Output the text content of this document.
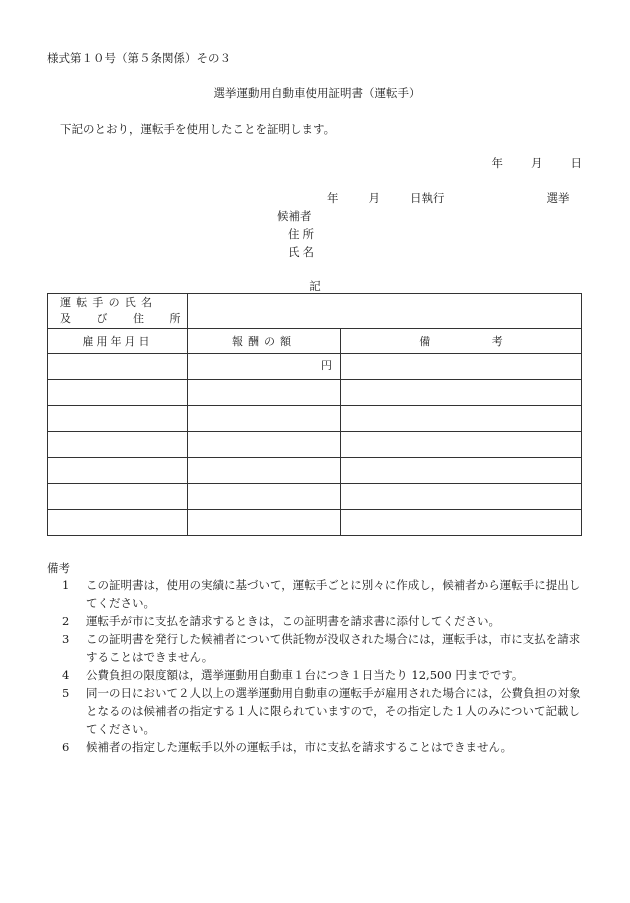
様式第１０号（第５条関係）その３
選挙運動用自動車使用証明書（運転手）
下記のとおり，運転手を使用したことを証明します。
年 月 日
年	月	日執行	選挙
候補者
住所
氏名
記
運転手の氏名
及 び 住 所		

雇用年月日	報酬の額	備 考
	円	

備考
1	この証明書は，使用の実績に基づいて，運転手ごとに別々に作成し，候補者から運転手に提出してください。
2	運転手が市に支払を請求するときは，この証明書を請求書に添付してください。
3	この証明書を発行した候補者について供託物が没収された場合には，運転手は，市に支払を請求することはできません。
4	公費負担の限度額は，選挙運動用自動車１台につき１日当たり 12,500 円までです。
5	同一の日において２人以上の選挙運動用自動車の運転手が雇用された場合には，公費負担の対象となるのは候補者の指定する１人に限られていますので，その指定した１人のみについて記載してください。
6	候補者の指定した運転手以外の運転手は，市に支払を請求することはできません。
